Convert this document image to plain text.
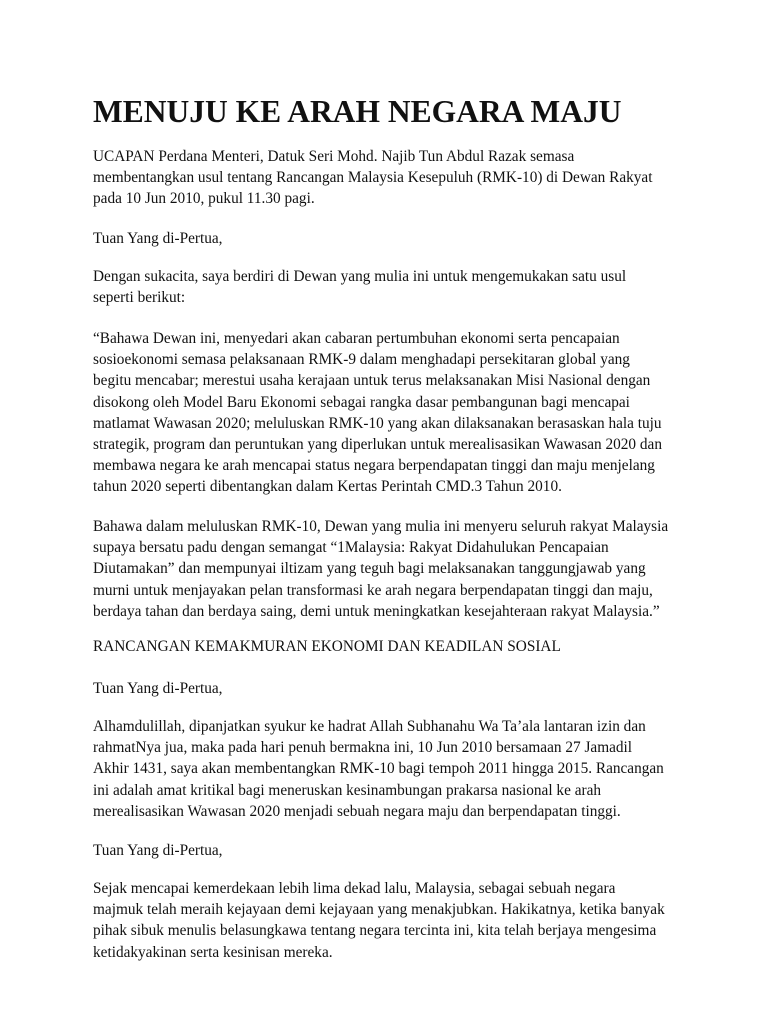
MENUJU KE ARAH NEGARA MAJU

UCAPAN Perdana Menteri, Datuk Seri Mohd. Najib Tun Abdul Razak semasa
membentangkan usul tentang Rancangan Malaysia Kesepuluh (RMK-10) di Dewan Rakyat
pada 10 Jun 2010, pukul 11.30 pagi.

Tuan Yang di-Pertua,

Dengan sukacita, saya berdiri di Dewan yang mulia ini untuk mengemukakan satu usul
seperti berikut:

“Bahawa Dewan ini, menyedari akan cabaran pertumbuhan ekonomi serta pencapaian
sosioekonomi semasa pelaksanaan RMK-9 dalam menghadapi persekitaran global yang
begitu mencabar; merestui usaha kerajaan untuk terus melaksanakan Misi Nasional dengan
disokong oleh Model Baru Ekonomi sebagai rangka dasar pembangunan bagi mencapai
matlamat Wawasan 2020; meluluskan RMK-10 yang akan dilaksanakan berasaskan hala tuju
strategik, program dan peruntukan yang diperlukan untuk merealisasikan Wawasan 2020 dan
membawa negara ke arah mencapai status negara berpendapatan tinggi dan maju menjelang
tahun 2020 seperti dibentangkan dalam Kertas Perintah CMD.3 Tahun 2010.

Bahawa dalam meluluskan RMK-10, Dewan yang mulia ini menyeru seluruh rakyat Malaysia
supaya bersatu padu dengan semangat “1Malaysia: Rakyat Didahulukan Pencapaian
Diutamakan” dan mempunyai iltizam yang teguh bagi melaksanakan tanggungjawab yang
murni untuk menjayakan pelan transformasi ke arah negara berpendapatan tinggi dan maju,
berdaya tahan dan berdaya saing, demi untuk meningkatkan kesejahteraan rakyat Malaysia.”

RANCANGAN KEMAKMURAN EKONOMI DAN KEADILAN SOSIAL

Tuan Yang di-Pertua,

Alhamdulillah, dipanjatkan syukur ke hadrat Allah Subhanahu Wa Ta’ala lantaran izin dan
rahmatNya jua, maka pada hari penuh bermakna ini, 10 Jun 2010 bersamaan 27 Jamadil
Akhir 1431, saya akan membentangkan RMK-10 bagi tempoh 2011 hingga 2015. Rancangan
ini adalah amat kritikal bagi meneruskan kesinambungan prakarsa nasional ke arah
merealisasikan Wawasan 2020 menjadi sebuah negara maju dan berpendapatan tinggi.

Tuan Yang di-Pertua,

Sejak mencapai kemerdekaan lebih lima dekad lalu, Malaysia, sebagai sebuah negara
majmuk telah meraih kejayaan demi kejayaan yang menakjubkan. Hakikatnya, ketika banyak
pihak sibuk menulis belasungkawa tentang negara tercinta ini, kita telah berjaya mengesima
ketidakyakinan serta kesinisan mereka.
